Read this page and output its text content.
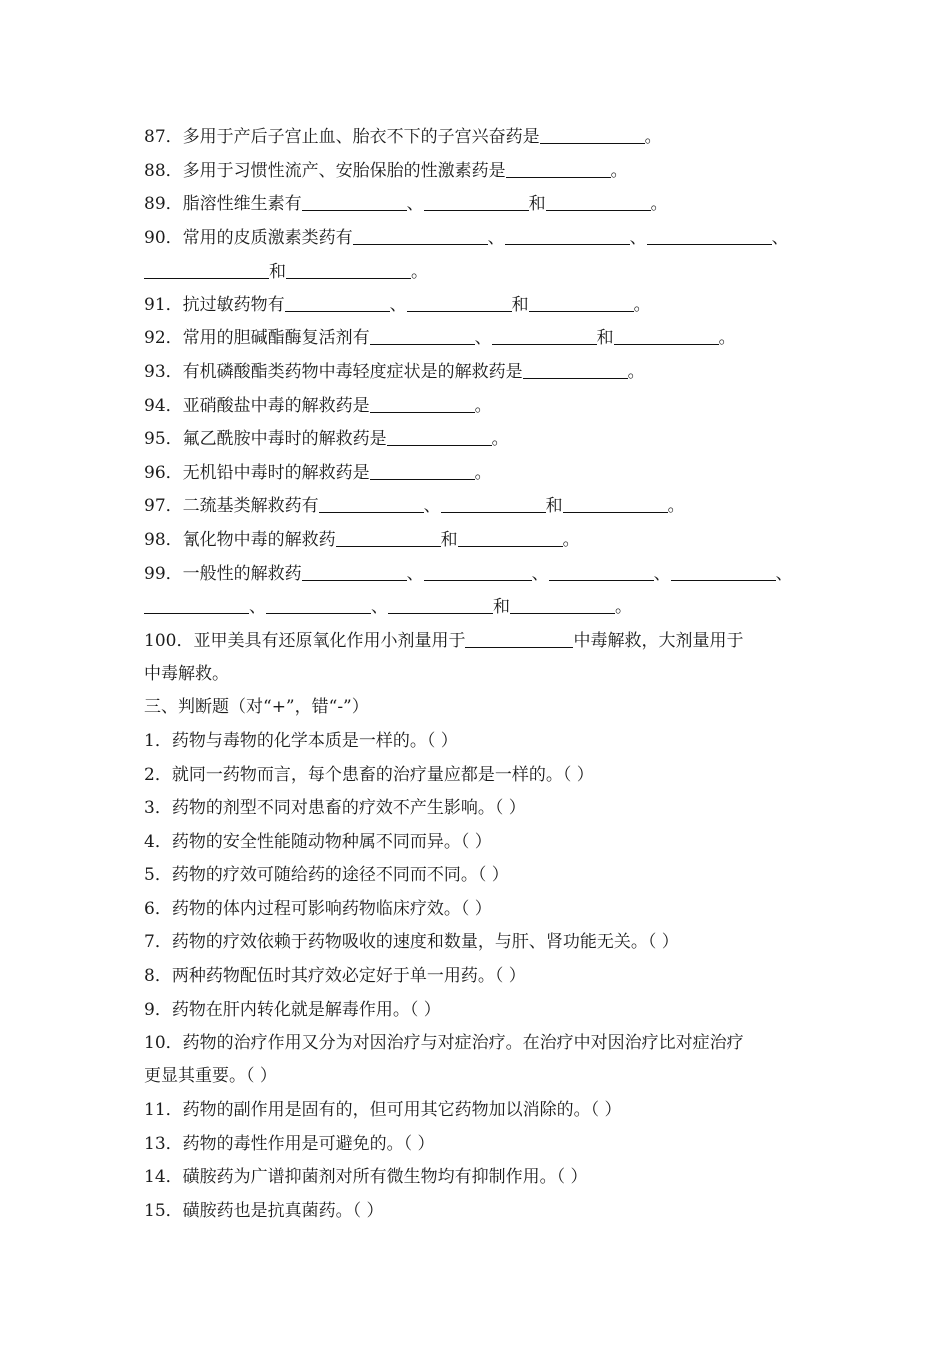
87．多用于产后子宫止血、胎衣不下的子宫兴奋药是	。
88．多用于习惯性流产、安胎保胎的性激素药是	。
89．脂溶性维生素有	、	和	。
90．常用的皮质激素类药有	、	、	、
和	。
91．抗过敏药物有	、	和	。
92．常用的胆碱酯酶复活剂有	、	和	。
93．有机磷酸酯类药物中毒轻度症状是的解救药是	。
94．亚硝酸盐中毒的解救药是	。
95．氟乙酰胺中毒时的解救药是	。
96．无机铅中毒时的解救药是	。
97．二巯基类解救药有	、	和	。
98．氰化物中毒的解救药	和	。
99．一般性的解救药	、	、	、	、
、	、	和	。
100．亚甲美具有还原氧化作用小剂量用于	中毒解救，大剂量用于
中毒解救。
三、判断题（对“+”，错“-”）
1．药物与毒物的化学本质是一样的。（ ）
2．就同一药物而言，每个患畜的治疗量应都是一样的。（ ）
3．药物的剂型不同对患畜的疗效不产生影响。（ ）
4．药物的安全性能随动物种属不同而异。（ ）
5．药物的疗效可随给药的途径不同而不同。（ ）
6．药物的体内过程可影响药物临床疗效。（ ）
7．药物的疗效依赖于药物吸收的速度和数量，与肝、肾功能无关。（ ）
8．两种药物配伍时其疗效必定好于单一用药。（ ）
9．药物在肝内转化就是解毒作用。（ ）
10．药物的治疗作用又分为对因治疗与对症治疗。在治疗中对因治疗比对症治疗
更显其重要。（ ）
11．药物的副作用是固有的，但可用其它药物加以消除的。（ ）
13．药物的毒性作用是可避免的。（ ）
14．磺胺药为广谱抑菌剂对所有微生物均有抑制作用。（ ）
15．磺胺药也是抗真菌药。（ ）
